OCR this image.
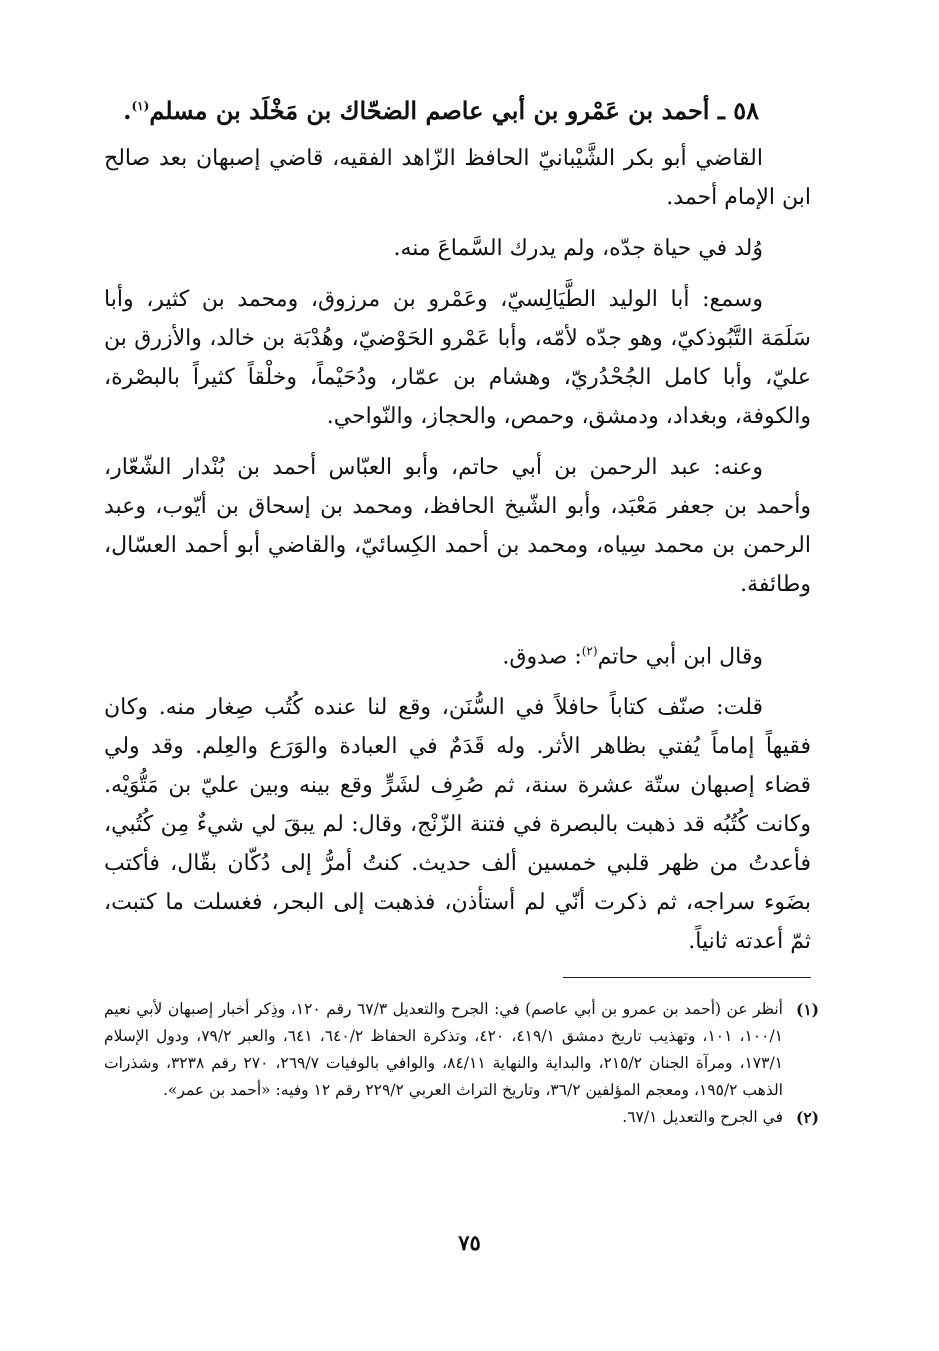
٥٨ ـ أحمد بن عَمْرو بن أبي عاصم الضحّاك بن مَخْلَد بن مسلم$^{(١)}$.

القاضي أبو بكر الشَّيْبانيّ الحافظ الزّاهد الفقيه، قاضي إصبهان بعد صالح ابن الإمام أحمد.

وُلد في حياة جدّه، ولم يدرك السَّماعَ منه.

وسمع: أبا الوليد الطَّيَالِسيّ، وعَمْرو بن مرزوق، ومحمد بن كثير، وأبا سَلَمَة التَّبُوذكيّ، وهو جدّه لأمّه، وأبا عَمْرو الحَوْضيّ، وهُدْبَة بن خالد، والأزرق بن عليّ، وأبا كامل الجُحْدُريّ، وهشام بن عمّار، ودُحَيْماً، وخلْقاً كثيراً بالبصْرة، والكوفة، وبغداد، ودمشق، وحمص، والحجاز، والنّواحي.

وعنه: عبد الرحمن بن أبي حاتم، وأبو العبّاس أحمد بن بُنْدار الشّعّار، وأحمد بن جعفر مَعْبَد، وأبو الشّيخ الحافظ، ومحمد بن إسحاق بن أيّوب، وعبد الرحمن بن محمد سِياه، ومحمد بن أحمد الكِسائيّ، والقاضي أبو أحمد العسّال، وطائفة.

وقال ابن أبي حاتم$^{(٢)}$: صدوق.

قلت: صنّف كتاباً حافلاً في السُّنَن، وقع لنا عنده كُتُب صِغار منه. وكان فقيهاً إماماً يُفتي بظاهر الأثر. وله قَدَمٌ في العبادة والوَرَع والعِلم. وقد ولي قضاء إصبهان ستّة عشرة سنة، ثم صُرِف لشَرٍّ وقع بينه وبين عليّ بن مَتُّوَيْه. وكانت كُتُبُه قد ذهبت بالبصرة في فتنة الزّنْج، وقال: لم يبقَ لي شيءٌ مِن كُتُبي، فأعدتُ من ظهر قلبي خمسين ألف حديث. كنتُ أمرُّ إلى دُكّان بقّال، فأكتب بضَوء سراجه، ثم ذكرت أنّي لم أستأذن، فذهبت إلى البحر، فغسلت ما كتبت، ثمّ أعدته ثانياً.

(١)
أنظر عن (أحمد بن عمرو بن أبي عاصم) في: الجرح والتعديل ٦٧/٣ رقم ١٢٠، وذِكر أخبار إصبهان لأبي نعيم ١٠٠/١، ١٠١، وتهذيب تاريخ دمشق ٤١٩/١، ٤٢٠، وتذكرة الحفاظ ٦٤٠/٢، ٦٤١، والعبر ٧٩/٢، ودول الإسلام ١٧٣/١، ومرآة الجنان ٢١٥/٢، والبداية والنهاية ٨٤/١١، والوافي بالوفيات ٢٦٩/٧، ٢٧٠ رقم ٣٢٣٨، وشذرات الذهب ١٩٥/٢، ومعجم المؤلفين ٣٦/٢، وتاريخ التراث العربي ٢٢٩/٢ رقم ١٢ وفيه: «أحمد بن عمر».
(٢)
في الجرح والتعديل ٦٧/١.
٧٥
